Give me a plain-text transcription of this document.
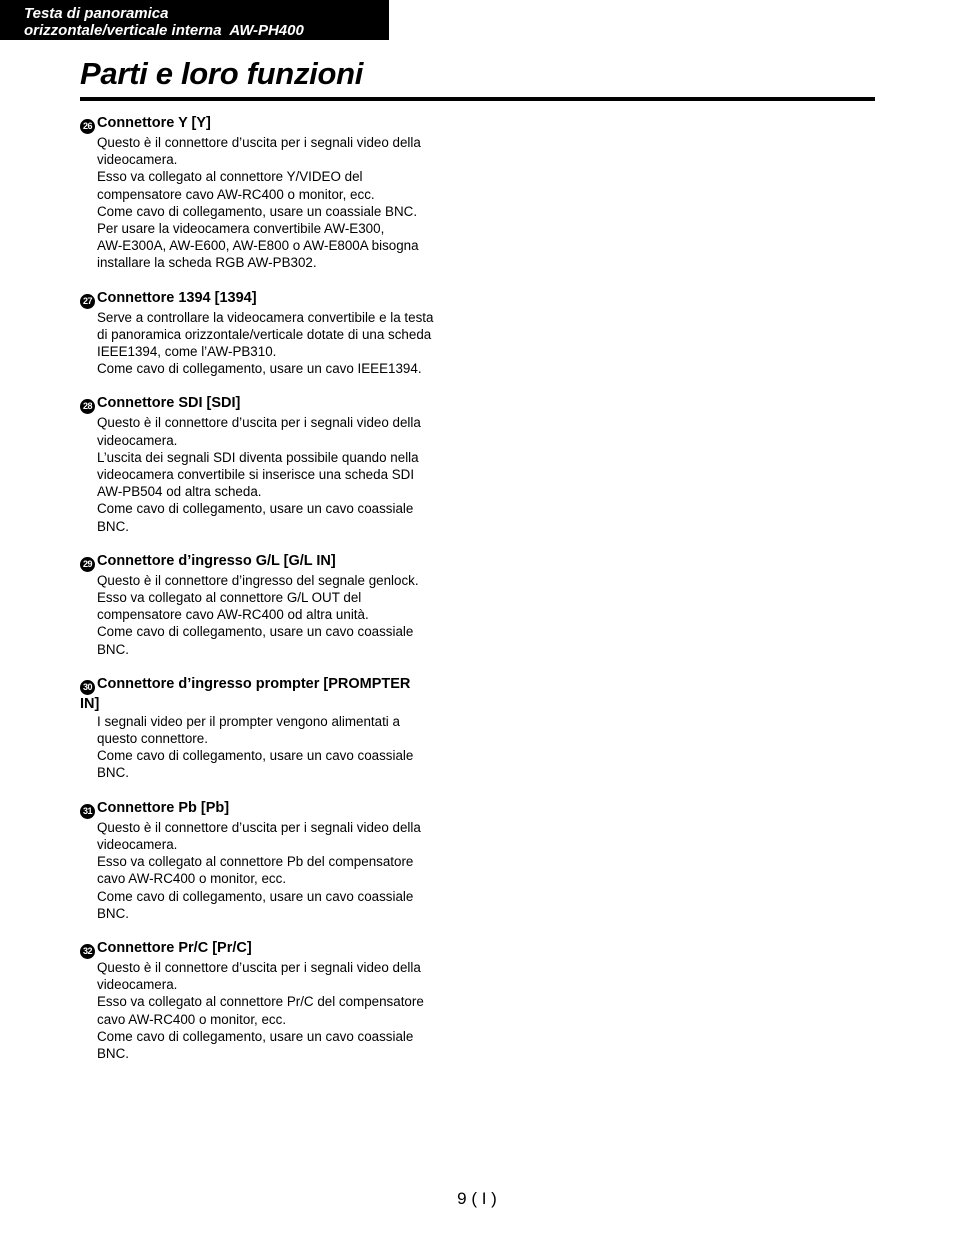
Testa di panoramica
orizzontale/verticale interna  AW-PH400
Parti e loro funzioni
26 Connettore Y [Y]
Questo è il connettore d’uscita per i segnali video della
videocamera.
Esso va collegato al connettore Y/VIDEO del
compensatore cavo AW-RC400 o monitor, ecc.
Come cavo di collegamento, usare un coassiale BNC.
Per usare la videocamera convertibile AW-E300,
AW-E300A, AW-E600, AW-E800 o AW-E800A bisogna
installare la scheda RGB AW-PB302.
27 Connettore 1394 [1394]
Serve a controllare la videocamera convertibile e la testa
di panoramica orizzontale/verticale dotate di una scheda
IEEE1394, come l’AW-PB310.
Come cavo di collegamento, usare un cavo IEEE1394.
28 Connettore SDI [SDI]
Questo è il connettore d’uscita per i segnali video della
videocamera.
L’uscita dei segnali SDI diventa possibile quando nella
videocamera convertibile si inserisce una scheda SDI
AW-PB504 od altra scheda.
Come cavo di collegamento, usare un cavo coassiale
BNC.
29 Connettore d’ingresso G/L [G/L IN]
Questo è il connettore d’ingresso del segnale genlock.
Esso va collegato al connettore G/L OUT del
compensatore cavo AW-RC400 od altra unità.
Come cavo di collegamento, usare un cavo coassiale
BNC.
30 Connettore d’ingresso prompter [PROMPTER
IN]
I segnali video per il prompter vengono alimentati a
questo connettore.
Come cavo di collegamento, usare un cavo coassiale
BNC.
31 Connettore Pb [Pb]
Questo è il connettore d’uscita per i segnali video della
videocamera.
Esso va collegato al connettore Pb del compensatore
cavo AW-RC400 o monitor, ecc.
Come cavo di collegamento, usare un cavo coassiale
BNC.
32 Connettore Pr/C [Pr/C]
Questo è il connettore d’uscita per i segnali video della
videocamera.
Esso va collegato al connettore Pr/C del compensatore
cavo AW-RC400 o monitor, ecc.
Come cavo di collegamento, usare un cavo coassiale
BNC.
9 ( I )
